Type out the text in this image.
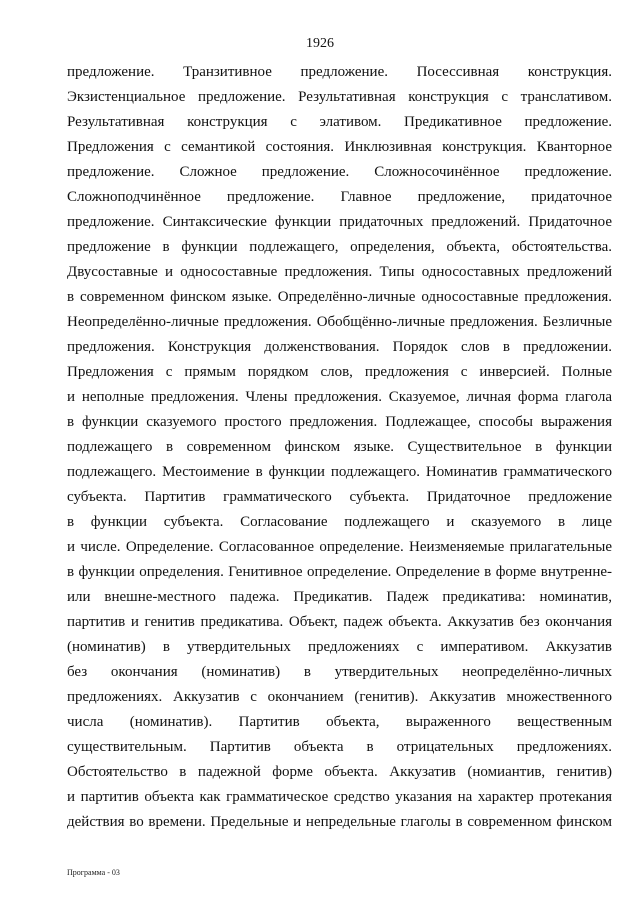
1926
предложение. Транзитивное предложение. Посессивная конструкция.
Экзистенциальное предложение. Результативная конструкция с транслативом.
Результативная конструкция с элативом. Предикативное предложение.
Предложения с семантикой состояния. Инклюзивная конструкция. Кванторное
предложение. Сложное предложение. Сложносочинённое предложение.
Сложноподчинённое предложение. Главное предложение, придаточное
предложение. Синтаксические функции придаточных предложений. Придаточное
предложение в функции подлежащего, определения, объекта, обстоятельства.
Двусоставные и односоставные предложения. Типы односоставных предложений
в современном финском языке. Определённо-личные односоставные предложения.
Неопределённо-личные предложения. Обобщённо-личные предложения. Безличные
предложения. Конструкция долженствования. Порядок слов в предложении.
Предложения с прямым порядком слов, предложения с инверсией. Полные
и неполные предложения. Члены предложения. Сказуемое, личная форма глагола
в функции сказуемого простого предложения. Подлежащее, способы выражения
подлежащего в современном финском языке. Существительное в функции
подлежащего. Местоимение в функции подлежащего. Номинатив грамматического
субъекта. Партитив грамматического субъекта. Придаточное предложение
в функции субъекта. Согласование подлежащего и сказуемого в лице
и числе. Определение. Согласованное определение. Неизменяемые прилагательные
в функции определения. Генитивное определение. Определение в форме внутренне-
или внешне-местного падежа. Предикатив. Падеж предикатива: номинатив,
партитив и генитив предикатива. Объект, падеж объекта. Аккузатив без окончания
(номинатив) в утвердительных предложениях с императивом. Аккузатив
без окончания (номинатив) в утвердительных неопределённо-личных
предложениях. Аккузатив с окончанием (генитив). Аккузатив множественного
числа (номинатив). Партитив объекта, выраженного вещественным
существительным. Партитив объекта в отрицательных предложениях.
Обстоятельство в падежной форме объекта. Аккузатив (номиантив, генитив)
и партитив объекта как грамматическое средство указания на характер протекания
действия во времени. Предельные и непредельные глаголы в современном финском
Программа - 03
